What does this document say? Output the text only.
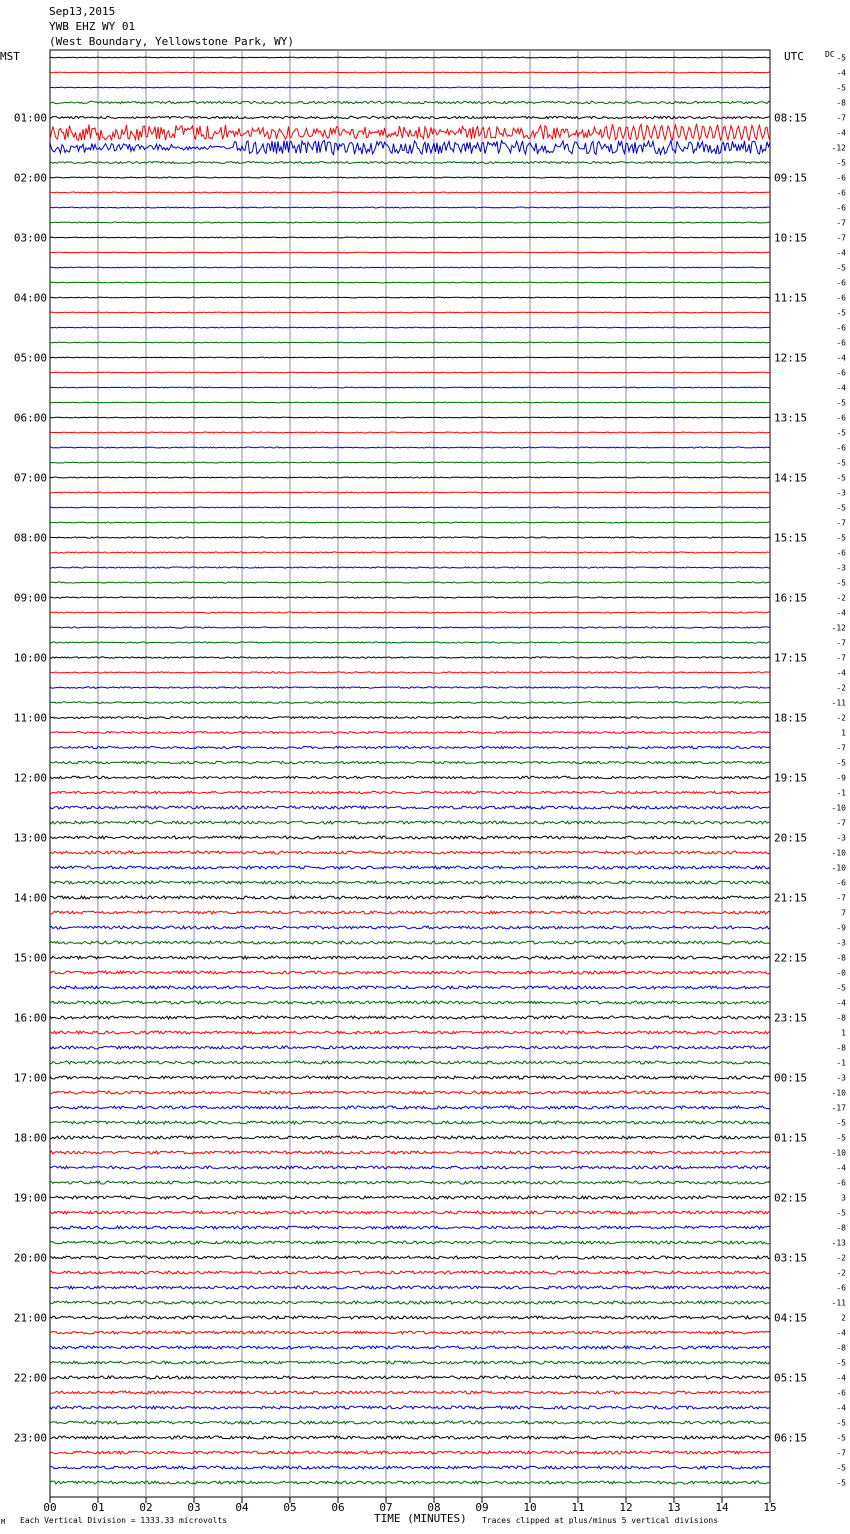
Sep13,2015
YWB EHZ WY 01
(West Boundary, Yellowstone Park, WY)
MST	UTC	DC
00	01	02	03	04	05	06	07	08	09	10	11	12	13	14	15
-5
-4
-5
-8
-7
-4
-12
-5
-6
-6
-6
-7
-7
-4
-5
-6
-6
-5
-6
-6
-4
-6
-4
-5
-6
-5
-6
-5
-5
-3
-5
-7
-5
-6
-3
-5
-2
-4
-12
-7
-7
-4
-2
-11
-2
1
-7
-5
-9
-1
-10
-7
-3
-10
-10
-6
-7
7
-9
-3
-8
-0
-5
-4
-8
1
-8
-1
-3
-10
-17
-5
-5
-10
-4
-6
3
-5
-8
-13
-2
-2
-6
-11
2
-4
-8
-5
-4
-6
-4
-5
-5
-7
-5
-5
01:00
02:00
03:00
04:00
05:00
06:00
07:00
08:00
09:00
10:00
11:00
12:00
13:00
14:00
15:00
16:00
17:00
18:00
19:00
20:00
21:00
22:00
23:00
08:15
09:15
10:15
11:15
12:15
13:15
14:15
15:15
16:15
17:15
18:15
19:15
20:15
21:15
22:15
23:15
00:15
01:15
02:15
03:15
04:15
05:15
06:15
Each Vertical Division = 1333.33 microvolts	TIME (MINUTES) Traces clipped at plus/minus 5 vertical divisions
M
